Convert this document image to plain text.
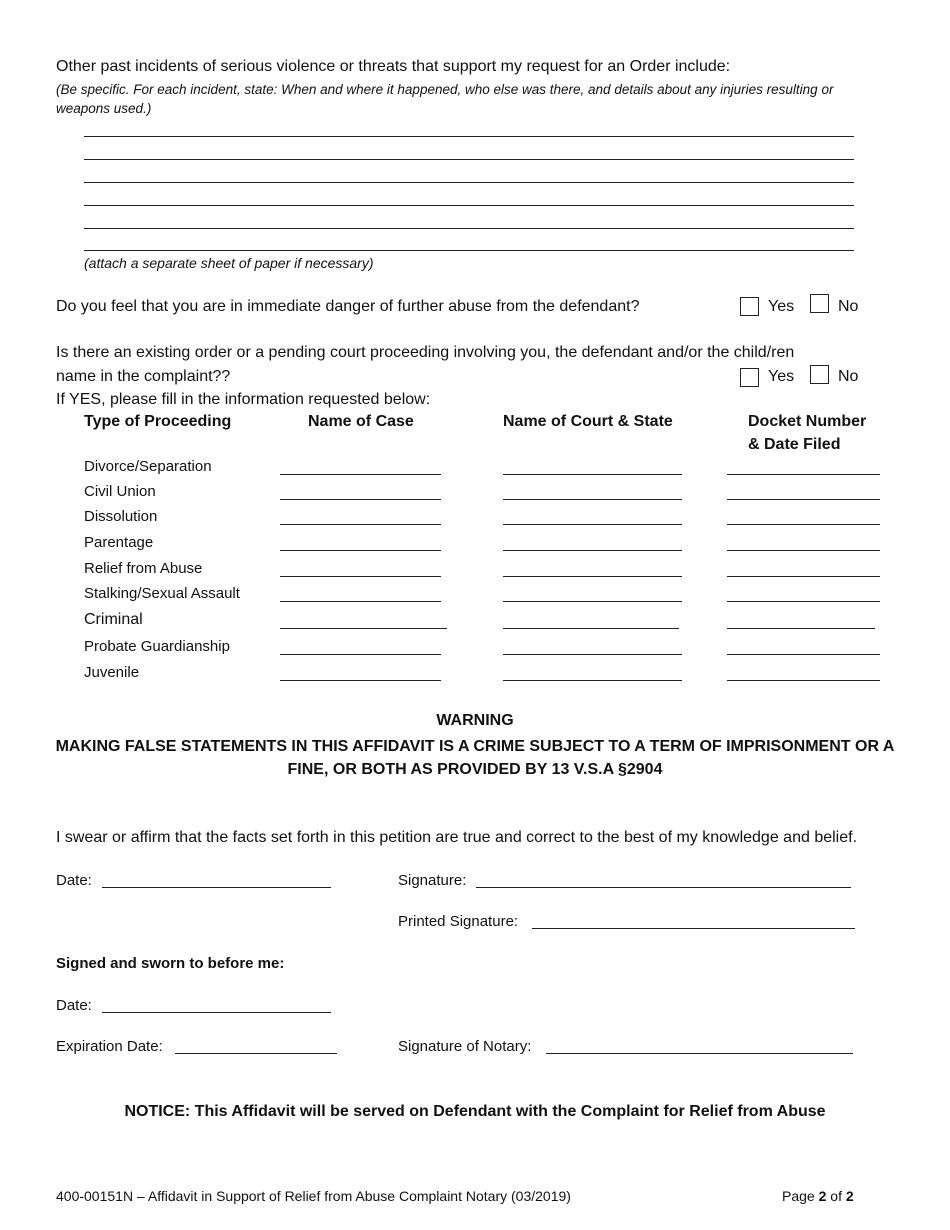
Other past incidents of serious violence or threats that support my request for an Order include:
(Be specific. For each incident, state: When and where it happened, who else was there, and details about any injuries resulting or weapons used.)
(attach a separate sheet of paper if necessary)
Do you feel that you are in immediate danger of further abuse from the defendant?	Yes	No
Is there an existing order or a pending court proceeding involving you, the defendant and/or the child/ren
name in the complaint??	Yes	No
If YES, please fill in the information requested below:
Type of Proceeding	Name of Case	Name of Court & State	Docket Number
& Date Filed
Divorce/Separation
Civil Union
Dissolution
Parentage
Relief from Abuse
Stalking/Sexual Assault
Criminal
Probate Guardianship
Juvenile
WARNING
MAKING FALSE STATEMENTS IN THIS AFFIDAVIT IS A CRIME SUBJECT TO A TERM OF IMPRISONMENT OR A FINE, OR BOTH AS PROVIDED BY 13 V.S.A §2904
I swear or affirm that the facts set forth in this petition are true and correct to the best of my knowledge and belief.
Date:	Signature:
Printed Signature:
Signed and sworn to before me:
Date:
Expiration Date:	Signature of Notary:
NOTICE: This Affidavit will be served on Defendant with the Complaint for Relief from Abuse
400-00151N – Affidavit in Support of Relief from Abuse Complaint Notary (03/2019)	Page 2 of 2
